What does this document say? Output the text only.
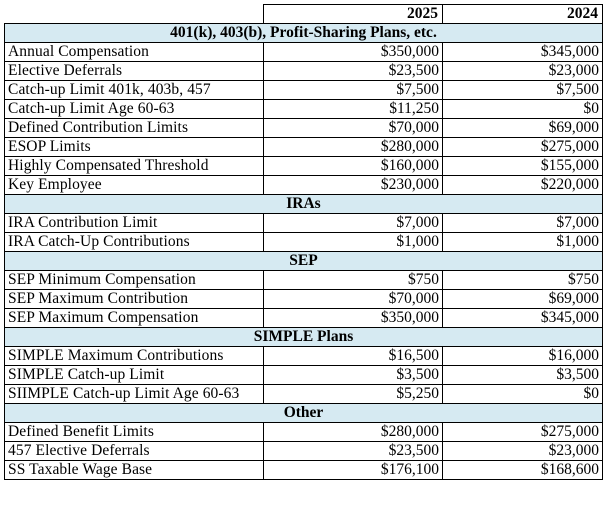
	2025	2024
401(k), 403(b), Profit-Sharing Plans, etc.		
Annual Compensation	$350,000	$345,000
Elective Deferrals	$23,500	$23,000
Catch-up Limit 401k, 403b, 457	$7,500	$7,500
Catch-up Limit Age 60-63	$11,250	$0
Defined Contribution Limits	$70,000	$69,000
ESOP Limits	$280,000	$275,000
Highly Compensated Threshold	$160,000	$155,000
Key Employee	$230,000	$220,000
IRAs		
IRA Contribution Limit	$7,000	$7,000
IRA Catch-Up Contributions	$1,000	$1,000
SEP		
SEP Minimum Compensation	$750	$750
SEP Maximum Contribution	$70,000	$69,000
SEP Maximum Compensation	$350,000	$345,000
SIMPLE Plans		
SIMPLE Maximum Contributions	$16,500	$16,000
SIMPLE Catch-up Limit	$3,500	$3,500
SIIMPLE Catch-up Limit Age 60-63	$5,250	$0
Other		
Defined Benefit Limits	$280,000	$275,000
457 Elective Deferrals	$23,500	$23,000
SS Taxable Wage Base	$176,100	$168,600
